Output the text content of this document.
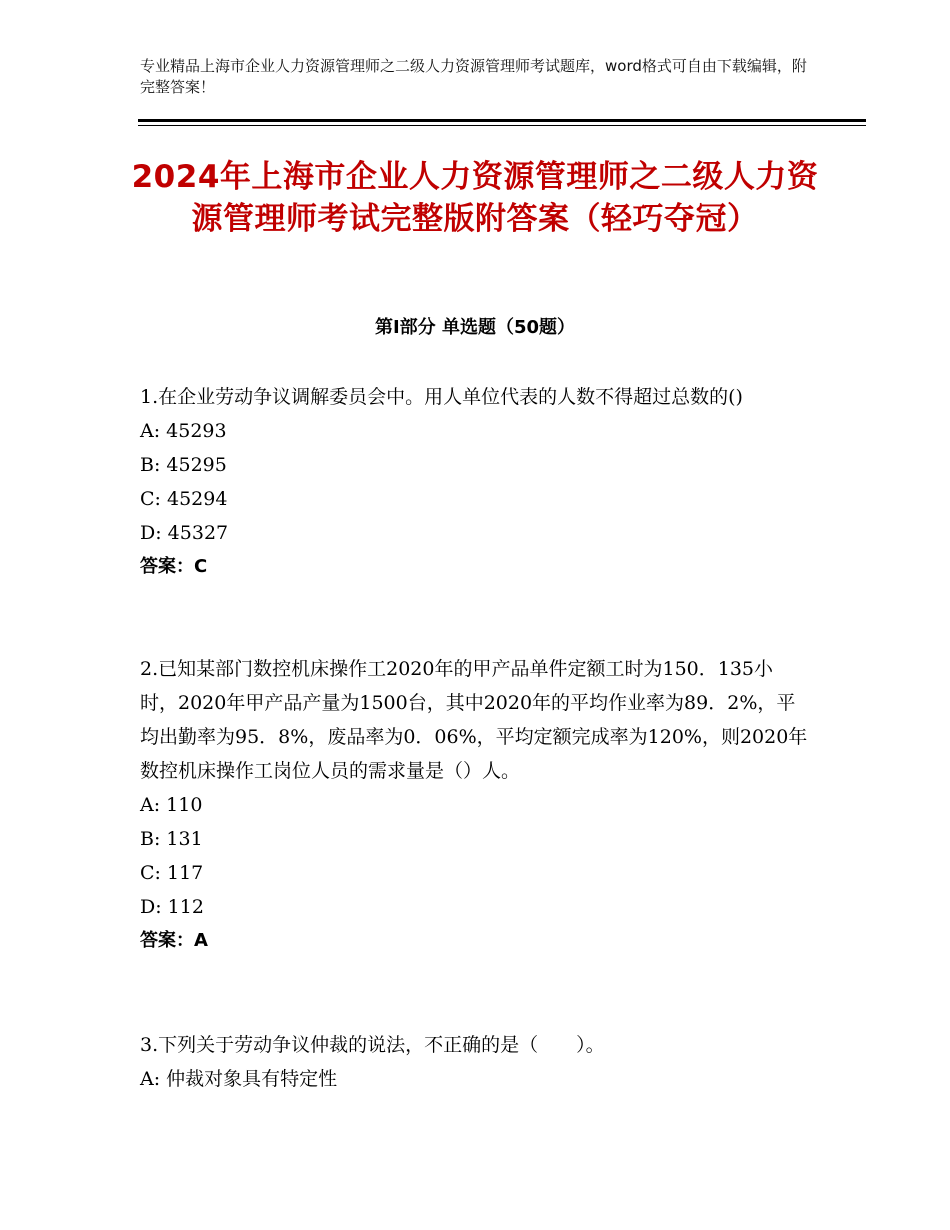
专业精品上海市企业人力资源管理师之二级人力资源管理师考试题库，word格式可自由下载编辑，附完整答案！
2024年上海市企业人力资源管理师之二级人力资源管理师考试完整版附答案（轻巧夺冠）
第Ⅰ部分 单选题（50题）

1.在企业劳动争议调解委员会中。用人单位代表的人数不得超过总数的()

A: 45293

B: 45295

C: 45294

D: 45327

答案：C

2.已知某部门数控机床操作工2020年的甲产品单件定额工时为150．135小时，2020年甲产品产量为1500台，其中2020年的平均作业率为89．2%，平均出勤率为95．8%，废品率为0．06%，平均定额完成率为120%，则2020年数控机床操作工岗位人员的需求量是（）人。

A: 110

B: 131

C: 117

D: 112

答案：A

3.下列关于劳动争议仲裁的说法，不正确的是（　　）。

A: 仲裁对象具有特定性
